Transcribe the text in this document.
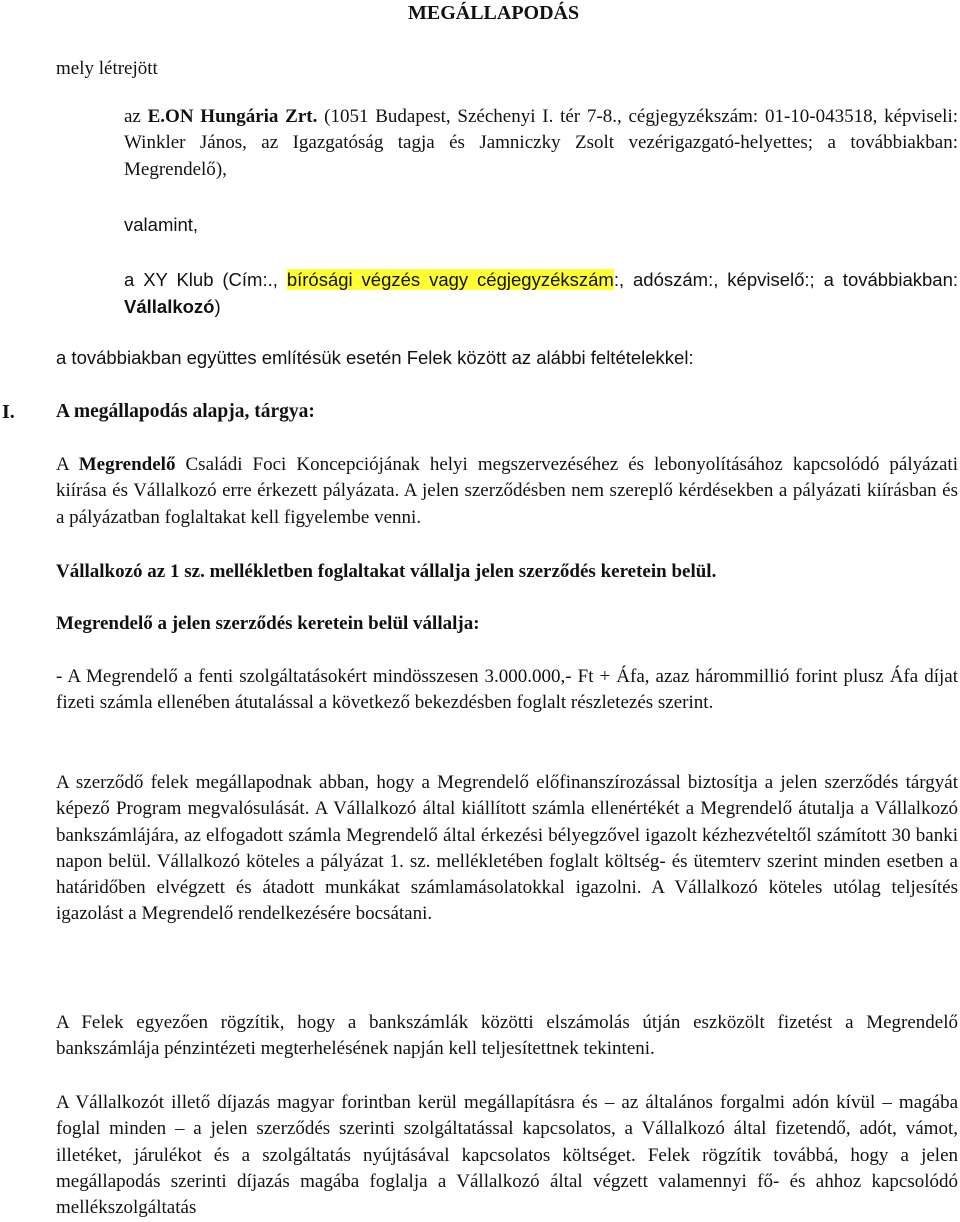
MEGÁLLAPODÁS
mely létrejött
az E.ON Hungária Zrt. (1051 Budapest, Széchenyi I. tér 7-8., cégjegyzékszám: 01-10-043518, képviseli: Winkler János, az Igazgatóság tagja és Jamniczky Zsolt vezérigazgató-helyettes; a továbbiakban: Megrendelő),
valamint,
a XY Klub (Cím:., bírósági végzés vagy cégjegyzékszám:, adószám:, képviselő:; a továbbiakban: Vállalkozó)
a továbbiakban együttes említésük esetén Felek között az alábbi feltételekkel:
I. A megállapodás alapja, tárgya:
A Megrendelő Családi Foci Koncepciójának helyi megszervezéséhez és lebonyolításához kapcsolódó pályázati kiírása és Vállalkozó erre érkezett pályázata. A jelen szerződésben nem szereplő kérdésekben a pályázati kiírásban és a pályázatban foglaltakat kell figyelembe venni.
Vállalkozó az 1 sz. mellékletben foglaltakat vállalja jelen szerződés keretein belül.
Megrendelő a jelen szerződés keretein belül vállalja:
- A Megrendelő a fenti szolgáltatásokért mindösszesen 3.000.000,- Ft + Áfa, azaz hárommillió forint plusz Áfa díjat fizeti számla ellenében átutalással a következő bekezdésben foglalt részletezés szerint.
A szerződő felek megállapodnak abban, hogy a Megrendelő előfinanszírozással biztosítja a jelen szerződés tárgyát képező Program megvalósulását. A Vállalkozó által kiállított számla ellenértékét a Megrendelő átutalja a Vállalkozó bankszámlájára, az elfogadott számla Megrendelő által érkezési bélyegzővel igazolt kézhezvételtől számított 30 banki napon belül. Vállalkozó köteles a pályázat 1. sz. mellékletében foglalt költség- és ütemterv szerint minden esetben a határidőben elvégzett és átadott munkákat számlamásolatokkal igazolni. A Vállalkozó köteles utólag teljesítés igazolást a Megrendelő rendelkezésére bocsátani.
A Felek egyezően rögzítik, hogy a bankszámlák közötti elszámolás útján eszközölt fizetést a Megrendelő bankszámlája pénzintézeti megterhelésének napján kell teljesítettnek tekinteni.
A Vállalkozót illető díjazás magyar forintban kerül megállapításra és – az általános forgalmi adón kívül – magába foglal minden – a jelen szerződés szerinti szolgáltatással kapcsolatos, a Vállalkozó által fizetendő, adót, vámot, illetéket, járulékot és a szolgáltatás nyújtásával kapcsolatos költséget. Felek rögzítik továbbá, hogy a jelen megállapodás szerinti díjazás magába foglalja a Vállalkozó által végzett valamennyi fő- és ahhoz kapcsolódó mellékszolgáltatás
